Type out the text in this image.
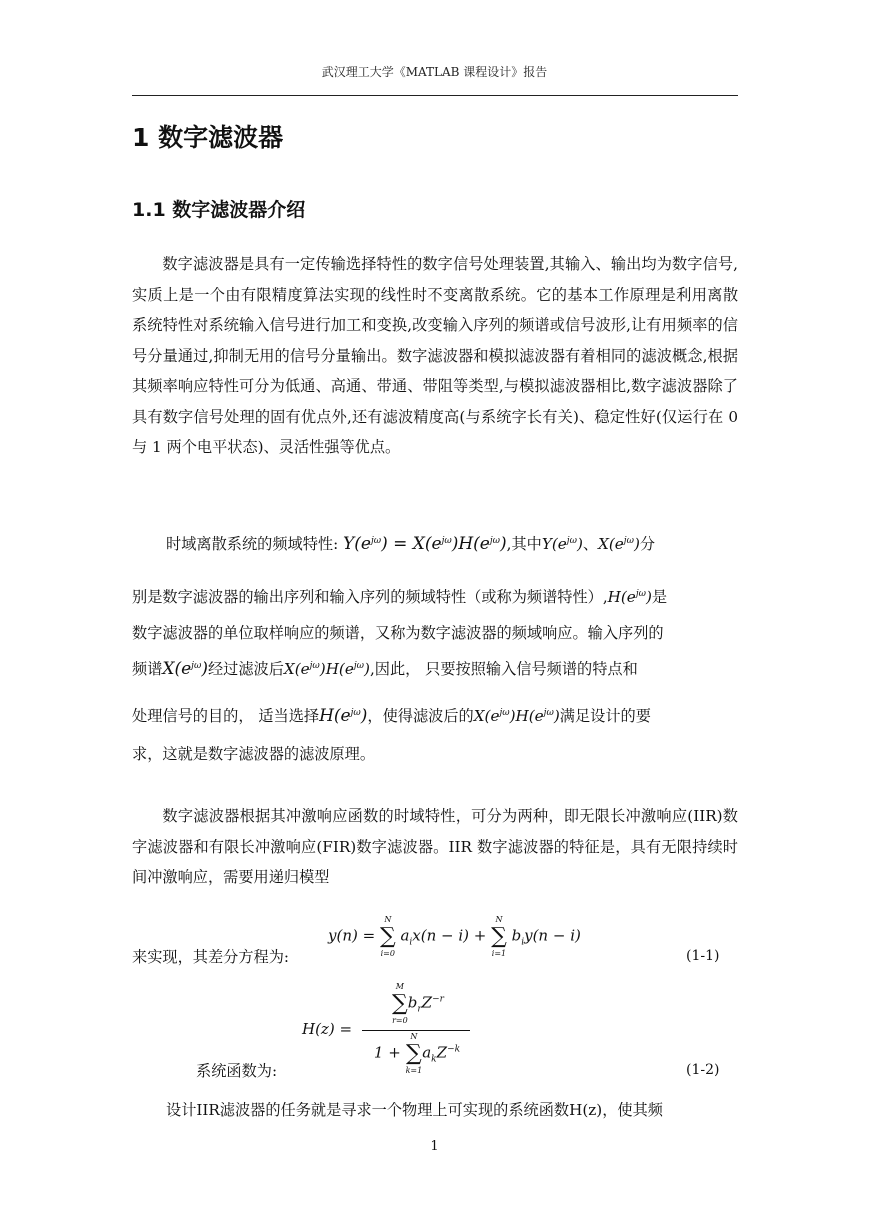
武汉理工大学《MATLAB 课程设计》报告
1 数字滤波器
1.1 数字滤波器介绍
数字滤波器是具有一定传输选择特性的数字信号处理装置,其输入、输出均为数字信号,实质上是一个由有限精度算法实现的线性时不变离散系统。它的基本工作原理是利用离散系统特性对系统输入信号进行加工和变换,改变输入序列的频谱或信号波形,让有用频率的信号分量通过,抑制无用的信号分量输出。数字滤波器和模拟滤波器有着相同的滤波概念,根据其频率响应特性可分为低通、高通、带通、带阻等类型,与模拟滤波器相比,数字滤波器除了具有数字信号处理的固有优点外,还有滤波精度高(与系统字长有关)、稳定性好(仅运行在 0 与 1 两个电平状态)、灵活性强等优点。
时域离散系统的频域特性: $Y(e^{j\omega}) = X(e^{j\omega})H(e^{j\omega})$,其中$Y(e^{j\omega})$、$X(e^{j\omega})$分
别是数字滤波器的输出序列和输入序列的频域特性（或称为频谱特性）$,H(e^{j\omega})$是
数字滤波器的单位取样响应的频谱，又称为数字滤波器的频域响应。输入序列的
频谱$X(e^{j\omega})$经过滤波后$X(e^{j\omega})H(e^{j\omega})$,因此， 只要按照输入信号频谱的特点和
处理信号的目的， 适当选择$H(e^{j\omega})$，使得滤波后的$X(e^{j\omega})H(e^{j\omega})$满足设计的要
求，这就是数字滤波器的滤波原理。
数字滤波器根据其冲激响应函数的时域特性，可分为两种，即无限长冲激响应(IIR)数字滤波器和有限长冲激响应(FIR)数字滤波器。IIR 数字滤波器的特征是，具有无限持续时间冲激响应，需要用递归模型
来实现，其差分方程为:
y(n) =
N
∑
i=0
$a_ix(n - i)$ +
N
∑
i=1
$b_iy(n - i)$
(1-1)
H(z) =
M
∑
r=0
$b_rZ^{-r}$
1 +
N
∑
k=1
$a_kZ^{-k}$
系统函数为:	(1-2)
设计IIR滤波器的任务就是寻求一个物理上可实现的系统函数H(z)，使其频
1
